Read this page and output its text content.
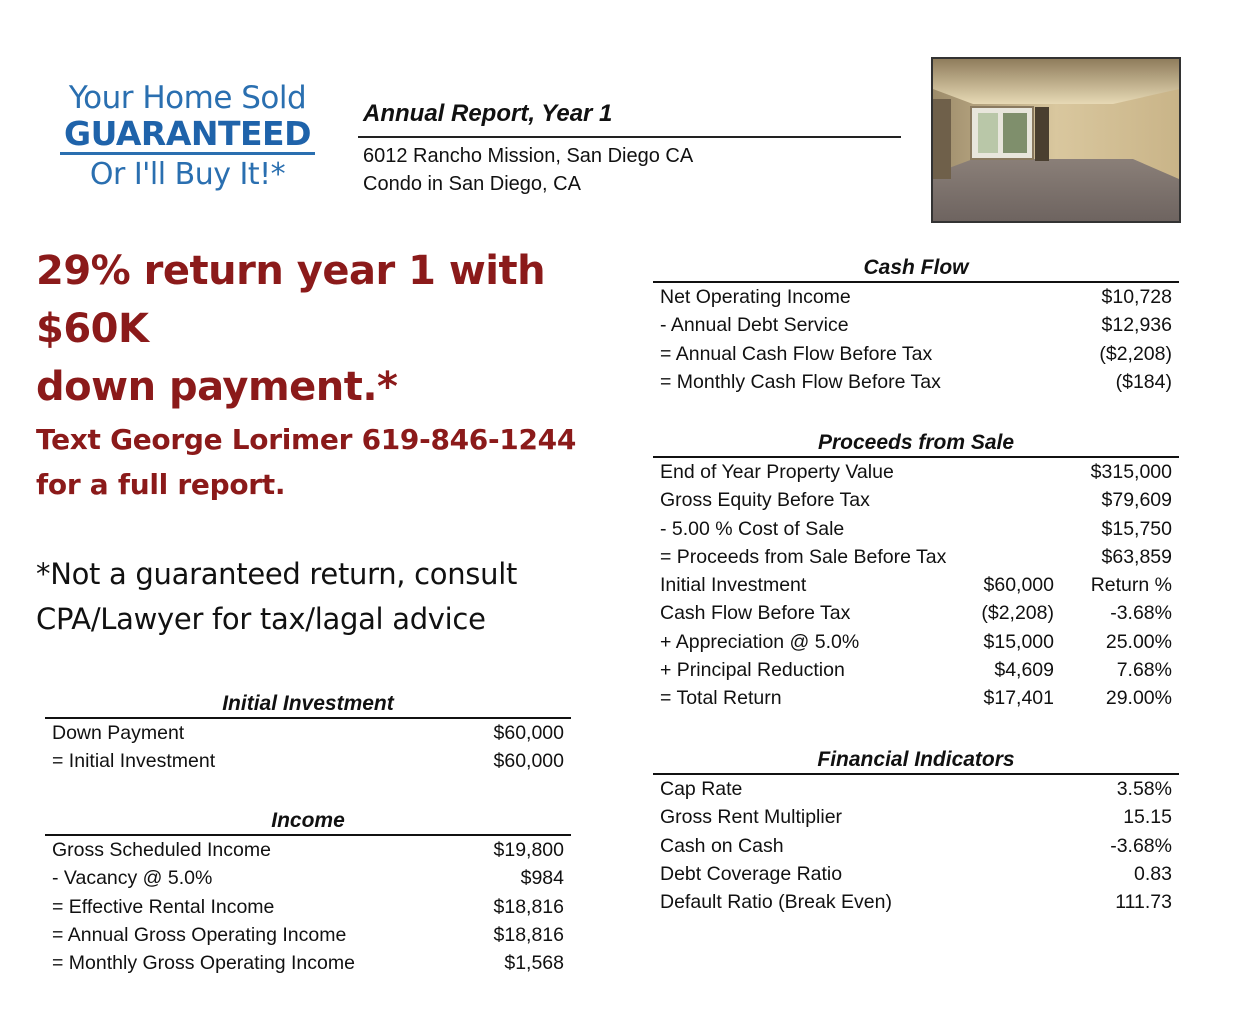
Your Home Sold
GUARANTEED
Or I'll Buy It!*
Annual Report, Year 1
6012 Rancho Mission, San Diego CA
Condo in San Diego, CA
29% return year 1 with $60K
down payment.*
Text George Lorimer 619-846-1244
for a full report.
*Not a guaranteed return, consult
CPA/Lawyer for tax/lagal advice
Initial Investment
Down Payment	$60,000
= Initial Investment	$60,000
Income
Gross Scheduled Income	$19,800
- Vacancy @ 5.0%	$984
= Effective Rental Income	$18,816
= Annual Gross Operating Income	$18,816
= Monthly Gross Operating Income	$1,568
Cash Flow
Net Operating Income	$10,728
- Annual Debt Service	$12,936
= Annual Cash Flow Before Tax	($2,208)
= Monthly Cash Flow Before Tax	($184)
Proceeds from Sale
End of Year Property Value	$315,000
Gross Equity Before Tax	$79,609
- 5.00 % Cost of Sale	$15,750
= Proceeds from Sale Before Tax	$63,859
Initial Investment	$60,000 Return %
Cash Flow Before Tax	($2,208)	-3.68%
+ Appreciation @ 5.0%	$15,000	25.00%
+ Principal Reduction	$4,609	7.68%
= Total Return	$17,401	29.00%
Financial Indicators
Cap Rate	3.58%
Gross Rent Multiplier	15.15
Cash on Cash	-3.68%
Debt Coverage Ratio	0.83
Default Ratio (Break Even)	111.73
